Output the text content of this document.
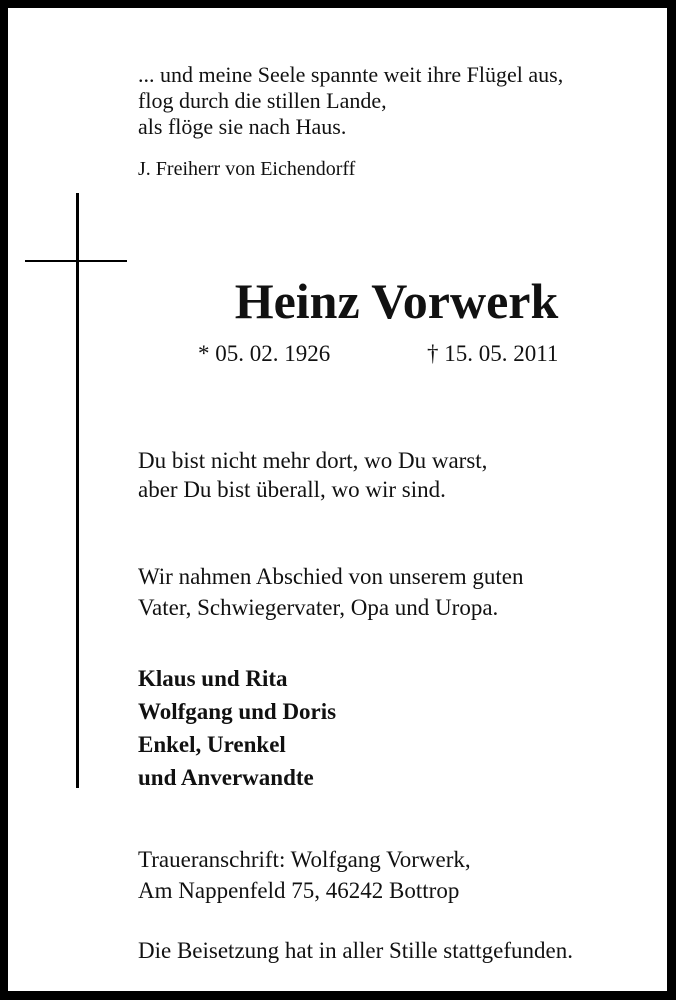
... und meine Seele spannte weit ihre Flügel aus,
flog durch die stillen Lande,
als flöge sie nach Haus.
J. Freiherr von Eichendorff
Heinz Vorwerk
* 05. 02. 1926	† 15. 05. 2011
Du bist nicht mehr dort, wo Du warst,
aber Du bist überall, wo wir sind.
Wir nahmen Abschied von unserem guten
Vater, Schwiegervater, Opa und Uropa.
Klaus und Rita
Wolfgang und Doris
Enkel, Urenkel
und Anverwandte
Traueranschrift: Wolfgang Vorwerk,
Am Nappenfeld 75, 46242 Bottrop
Die Beisetzung hat in aller Stille stattgefunden.
